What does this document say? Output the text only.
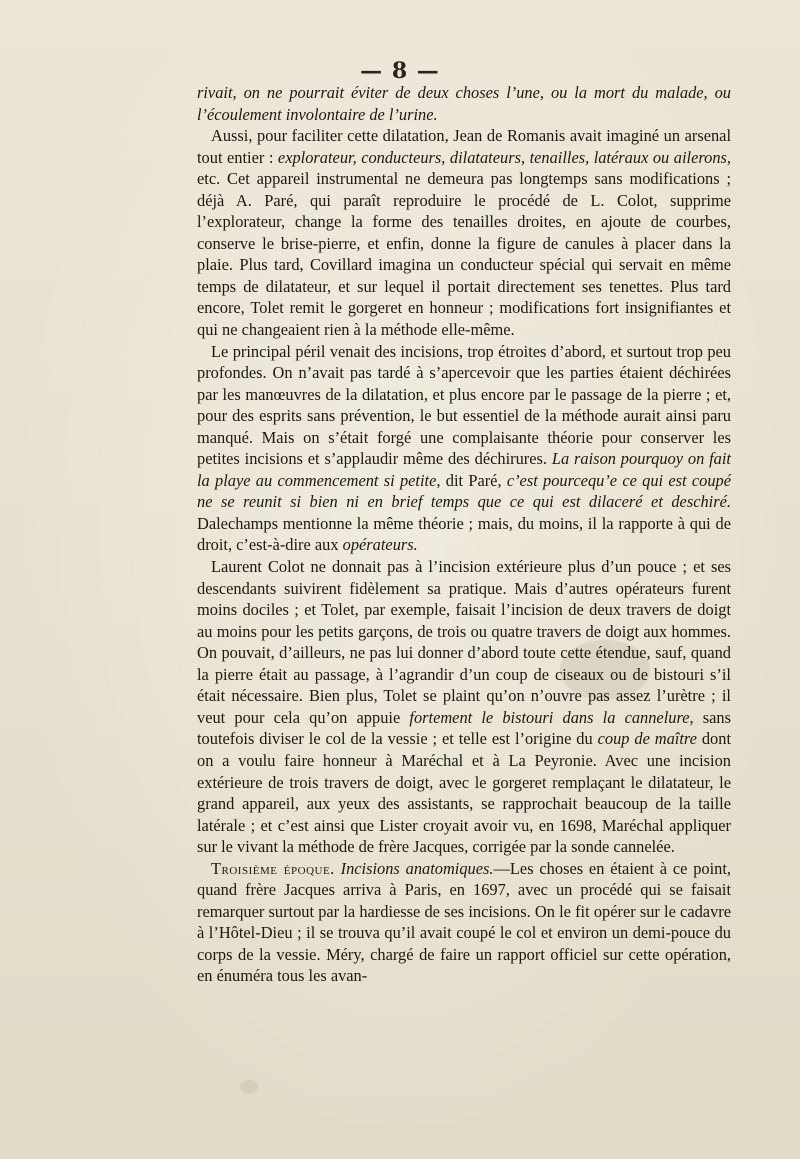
— 8 —

rivait, on ne pourrait éviter de deux choses l’une, ou la mort du malade, ou l’écoulement involontaire de l’urine.

Aussi, pour faciliter cette dilatation, Jean de Romanis avait imaginé un arsenal tout entier : explorateur, conducteurs, dilatateurs, tenailles, latéraux ou ailerons, etc. Cet appareil instrumental ne demeura pas longtemps sans modifications ; déjà A. Paré, qui paraît reproduire le procédé de L. Colot, supprime l’explorateur, change la forme des tenailles droites, en ajoute de courbes, conserve le brise-pierre, et enfin, donne la figure de canules à placer dans la plaie. Plus tard, Covillard imagina un conducteur spécial qui servait en même temps de dilatateur, et sur lequel il portait directement ses tenettes. Plus tard encore, Tolet remit le gorgeret en honneur ; modifications fort insignifiantes et qui ne changeaient rien à la méthode elle-même.

Le principal péril venait des incisions, trop étroites d’abord, et surtout trop peu profondes. On n’avait pas tardé à s’apercevoir que les parties étaient déchirées par les manœuvres de la dilatation, et plus encore par le passage de la pierre ; et, pour des esprits sans prévention, le but essentiel de la méthode aurait ainsi paru manqué. Mais on s’était forgé une complaisante théorie pour conserver les petites incisions et s’applaudir même des déchirures. La raison pourquoy on fait la playe au commencement si petite, dit Paré, c’est pourcequ’e ce qui est coupé ne se reunit si bien ni en brief temps que ce qui est dilaceré et deschiré. Dalechamps mentionne la même théorie ; mais, du moins, il la rapporte à qui de droit, c’est-à-dire aux opérateurs.

Laurent Colot ne donnait pas à l’incision extérieure plus d’un pouce ; et ses descendants suivirent fidèlement sa pratique. Mais d’autres opérateurs furent moins dociles ; et Tolet, par exemple, faisait l’incision de deux travers de doigt au moins pour les petits garçons, de trois ou quatre travers de doigt aux hommes. On pouvait, d’ailleurs, ne pas lui donner d’abord toute cette étendue, sauf, quand la pierre était au passage, à l’agrandir d’un coup de ciseaux ou de bistouri s’il était nécessaire. Bien plus, Tolet se plaint qu’on n’ouvre pas assez l’urètre ; il veut pour cela qu’on appuie fortement le bistouri dans la cannelure, sans toutefois diviser le col de la vessie ; et telle est l’origine du coup de maître dont on a voulu faire honneur à Maréchal et à La Peyronie. Avec une incision extérieure de trois travers de doigt, avec le gorgeret remplaçant le dilatateur, le grand appareil, aux yeux des assistants, se rapprochait beaucoup de la taille latérale ; et c’est ainsi que Lister croyait avoir vu, en 1698, Maréchal appliquer sur le vivant la méthode de frère Jacques, corrigée par la sonde cannelée.

Troisième époque. Incisions anatomiques.—Les choses en étaient à ce point, quand frère Jacques arriva à Paris, en 1697, avec un procédé qui se faisait remarquer surtout par la hardiesse de ses incisions. On le fit opérer sur le cadavre à l’Hôtel-Dieu ; il se trouva qu’il avait coupé le col et environ un demi-pouce du corps de la vessie. Méry, chargé de faire un rapport officiel sur cette opération, en énuméra tous les avan-
